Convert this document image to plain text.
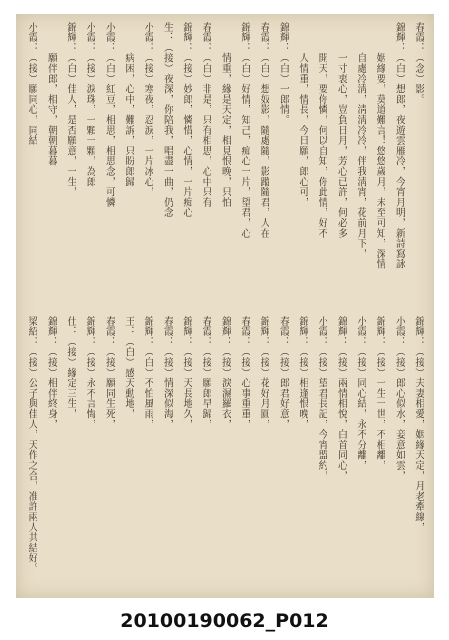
春霞：（念）影。
錦輝：（白）想郎，夜遊雲雁冷，今宵月明，新詩寫詠
　　　姻緣要，莫道難言！悠悠歲月，未至可知，深情
　　　自處冷淸，淸淸冷冷，伴我淸宵，花前月下，
　　　一寸衷心，豈負日月，芳心已許，何必多
　　　開天，要你憐，何以自知，你此情，好不
　　　人情重，情長，今日願，郎心可，
錦輝：（白）一郎情。
春霞：（白）想奴影，隨處隨，影蹤隨君，人在
錦輝：（白）好情，知己，痴心一片，望君，心
　　　情重，緣是天定，相見恨晚，只怕
春霞：（白）非是，只有相思，心中只有
錦輝：（接）妙郎，憐惜，心情，一片痴心
生：（接）夜深，你陪我，唱盡一曲，仍念
小霞：（接）寒夜，忍淚，一片冰心，
　　　病困，心中，難訴，只盼郎歸
小霞：（白）紅豆，相思，相思念，可憐
小霞：（接）淚珠，一顆一顆，為郎
錦輝：（白）佳人，是否願意，一生，
　　　願伴郎，相守，朝朝暮暮
小霞：（接）願同心，同結
錦輝：（接）夫妻相愛，姻緣天定，月老牽線，
小霞：（接）郎心似水，妾意如雲，
錦輝：（接）一生一世，不相離，
小霞：（接）同心結，永不分離，
錦輝：（接）兩情相悅，白首同心，
小霞：（接）望君長記，今宵盟約，
錦輝：（接）相逢恨晚，
春霞：（接）郎君好意，
錦輝：（接）花好月圓，
春霞：（接）心事重重，
錦輝：（接）淚濕羅衣，
春霞：（接）願郎早歸，
錦輝：（接）天長地久，
春霞：（接）情深似海，
錦輝：（白）不怕風雨，
王：（白）感天動地，
春霞：（接）願同生死，
錦輝：（接）永不言悔，
仕：（接）緣定三生，
錦輝：（接）相伴終身，
梁紹：（接）公子與佳人，天作之合，准許兩人共結好。
20100190062_P012
